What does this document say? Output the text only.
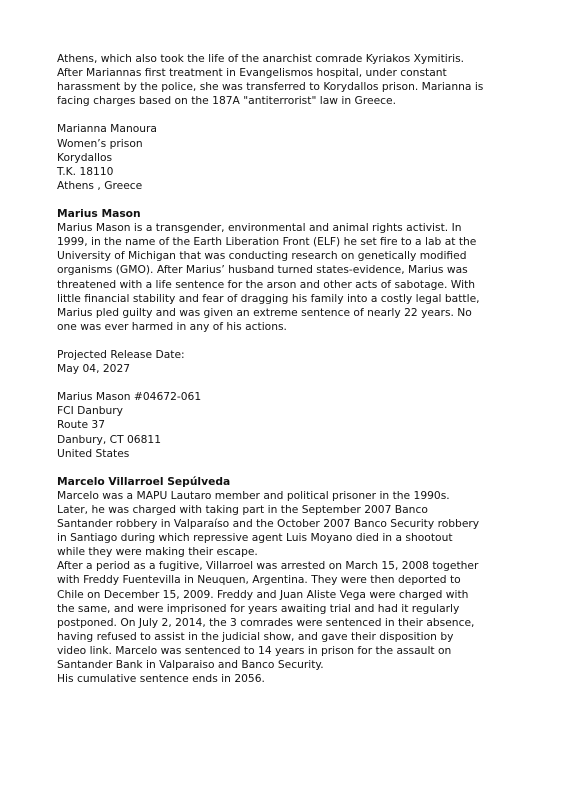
Athens, which also took the life of the anarchist comrade Kyriakos Xymitiris.
After Mariannas first treatment in Evangelismos hospital, under constant
harassment by the police, she was transferred to Korydallos prison. Marianna is
facing charges based on the 187A "antiterrorist" law in Greece.
Marianna Manoura
Women’s prison
Korydallos
T.K. 18110
Athens , Greece
Marius Mason
Marius Mason is a transgender, environmental and animal rights activist. In
1999, in the name of the Earth Liberation Front (ELF) he set fire to a lab at the
University of Michigan that was conducting research on genetically modified
organisms (GMO). After Marius’ husband turned states-evidence, Marius was
threatened with a life sentence for the arson and other acts of sabotage. With
little financial stability and fear of dragging his family into a costly legal battle,
Marius pled guilty and was given an extreme sentence of nearly 22 years. No
one was ever harmed in any of his actions.
Projected Release Date:
May 04, 2027
Marius Mason #04672-061
FCI Danbury
Route 37
Danbury, CT 06811
United States
Marcelo Villarroel Sepúlveda
Marcelo was a MAPU Lautaro member and political prisoner in the 1990s.
Later, he was charged with taking part in the September 2007 Banco
Santander robbery in Valparaíso and the October 2007 Banco Security robbery
in Santiago during which repressive agent Luis Moyano died in a shootout
while they were making their escape.
After a period as a fugitive, Villarroel was arrested on March 15, 2008 together
with Freddy Fuentevilla in Neuquen, Argentina. They were then deported to
Chile on December 15, 2009. Freddy and Juan Aliste Vega were charged with
the same, and were imprisoned for years awaiting trial and had it regularly
postponed. On July 2, 2014, the 3 comrades were sentenced in their absence,
having refused to assist in the judicial show, and gave their disposition by
video link. Marcelo was sentenced to 14 years in prison for the assault on
Santander Bank in Valparaiso and Banco Security.
His cumulative sentence ends in 2056.
